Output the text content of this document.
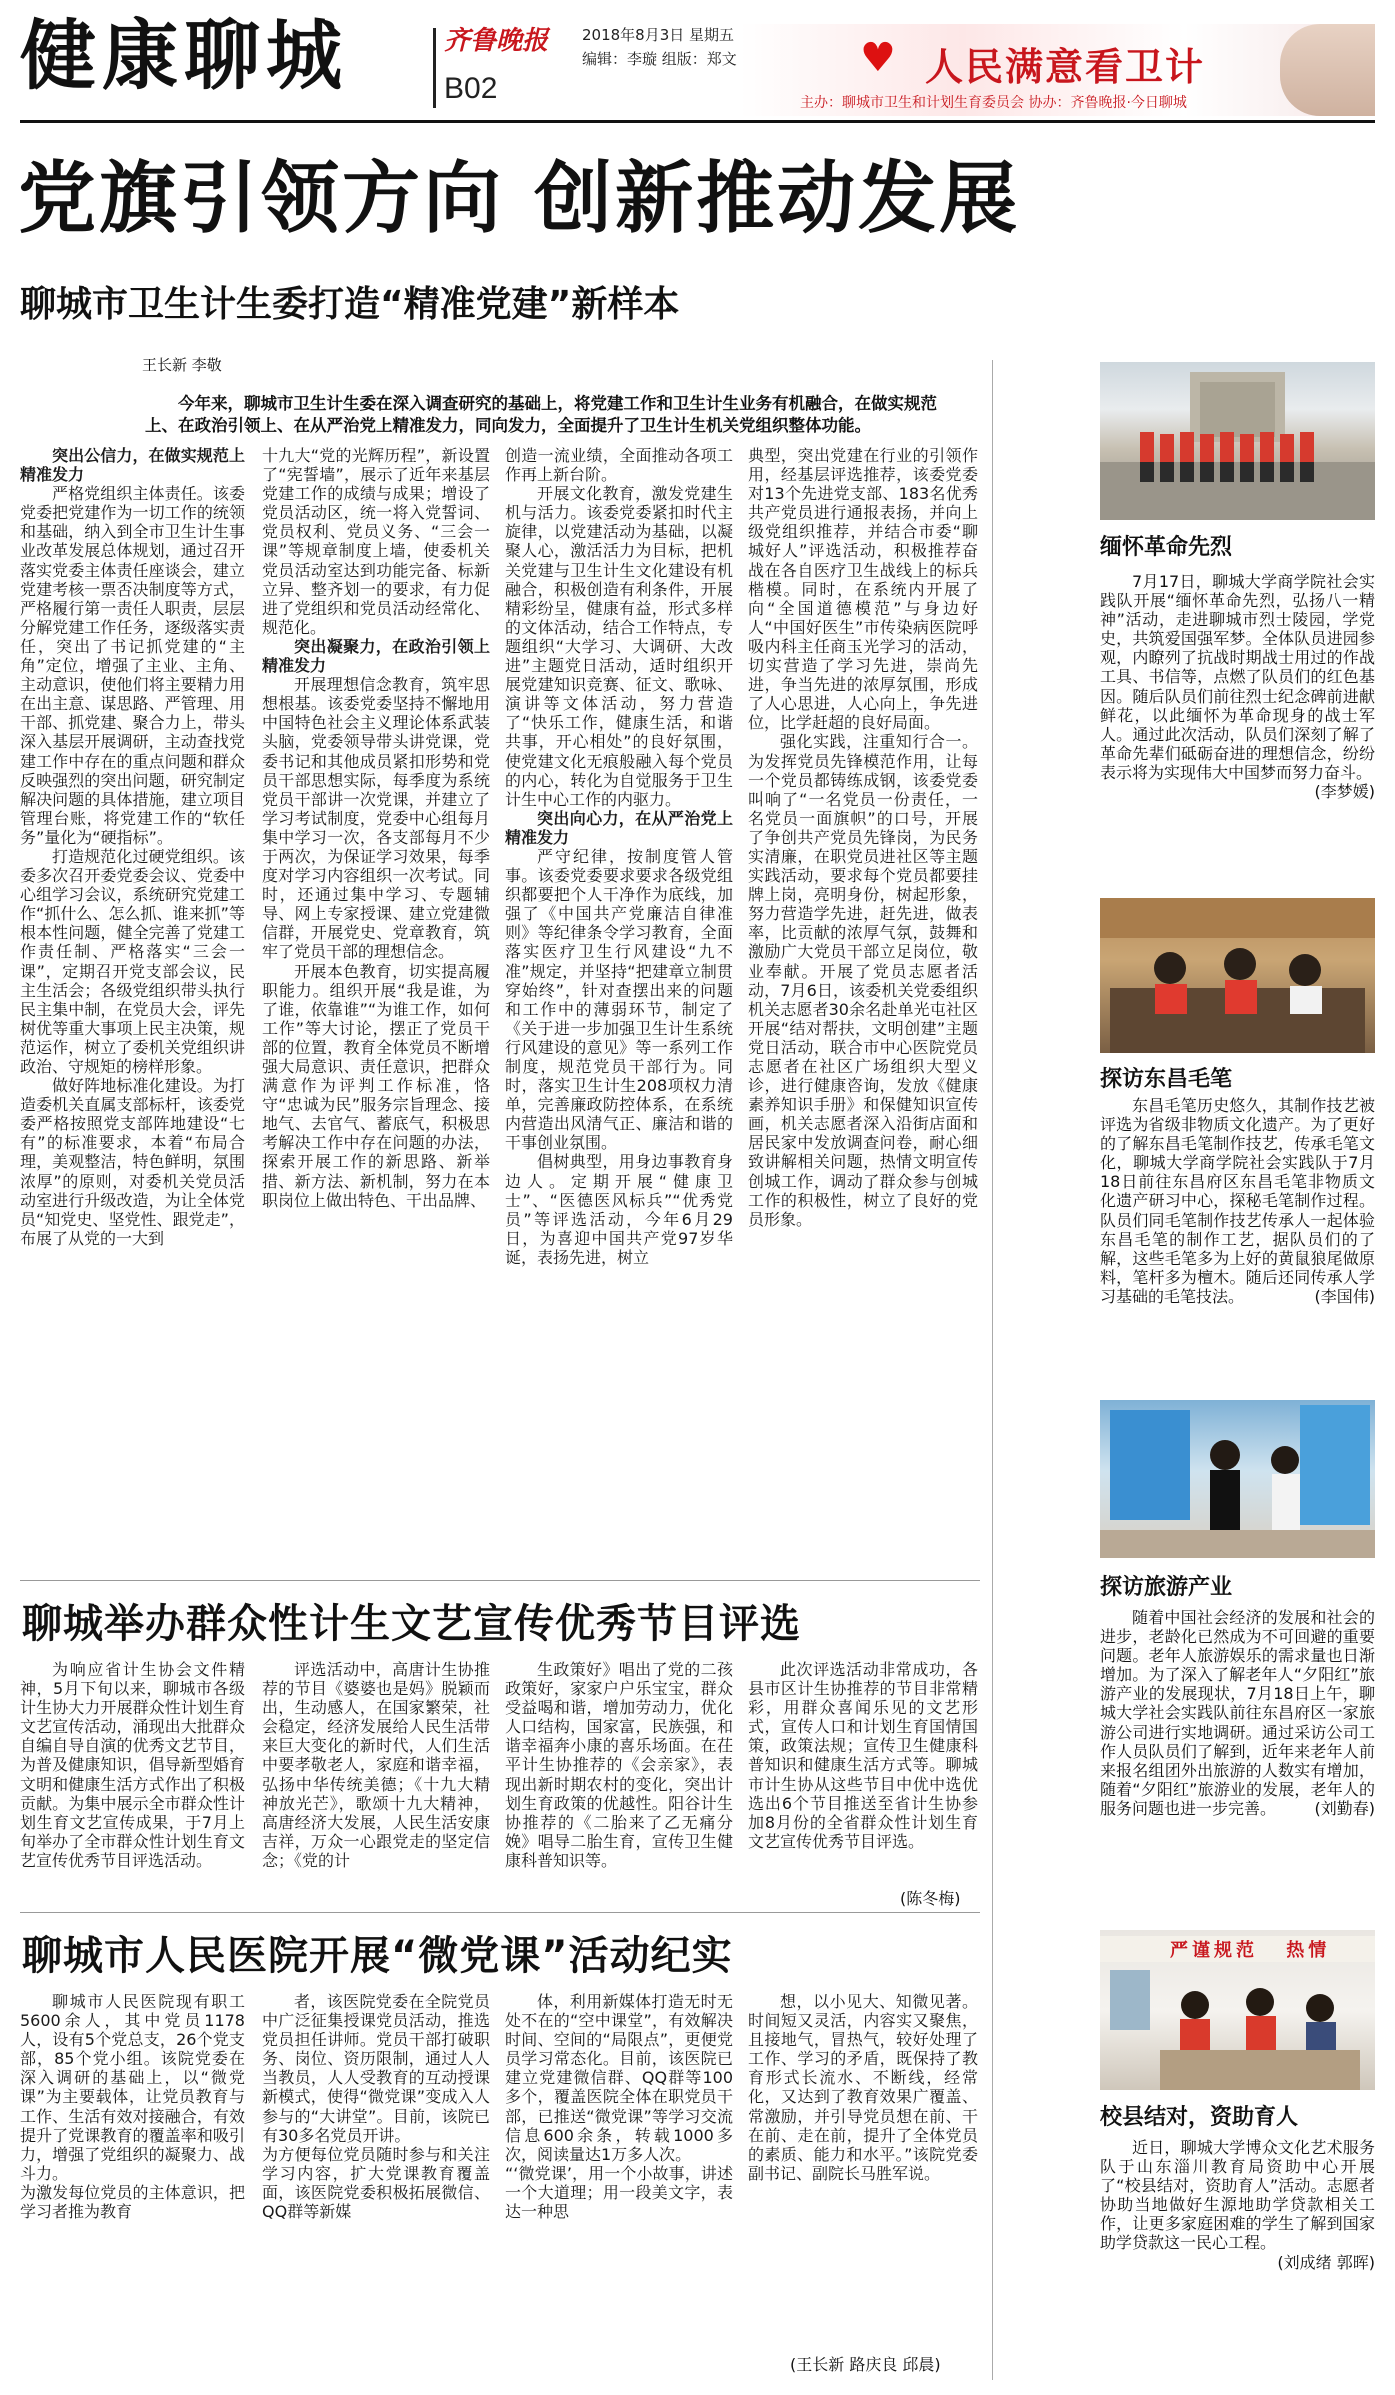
健康聊城	齐鲁晚报
B02
2018年8月3日 星期五
编辑：李璇 组版：郑文	♥ 人民满意看卫计
主办：聊城市卫生和计划生育委员会 协办：齐鲁晚报·今日聊城
党旗引领方向 创新推动发展
聊城市卫生计生委打造“精准党建”新样本
王长新 李敬
今年来，聊城市卫生计生委在深入调查研究的基础上，将党建工作和卫生计生业务有机融合，在做实规范上、在政治引领上、在从严治党上精准发力，同向发力，全面提升了卫生计生机关党组织整体功能。

突出公信力，在做实规范上精准发力

严格党组织主体责任。该委党委把党建作为一切工作的统领和基础，纳入到全市卫生计生事业改革发展总体规划，通过召开落实党委主体责任座谈会，建立党建考核一票否决制度等方式，严格履行第一责任人职责，层层分解党建工作任务，逐级落实责任，突出了书记抓党建的“主角”定位，增强了主业、主角、主动意识，使他们将主要精力用在出主意、谋思路、严管理、用干部、抓党建、聚合力上，带头深入基层开展调研，主动查找党建工作中存在的重点问题和群众反映强烈的突出问题，研究制定解决问题的具体措施，建立项目管理台账，将党建工作的“软任务”量化为“硬指标”。

打造规范化过硬党组织。该委多次召开委党委会议、党委中心组学习会议，系统研究党建工作“抓什么、怎么抓、谁来抓”等根本性问题，健全完善了党建工作责任制、严格落实“三会一课”，定期召开党支部会议，民主生活会；各级党组织带头执行民主集中制，在党员大会，评先树优等重大事项上民主决策，规范运作，树立了委机关党组织讲政治、守规矩的榜样形象。

做好阵地标准化建设。为打造委机关直属支部标杆，该委党委严格按照党支部阵地建设“七有”的标准要求，本着“布局合理，美观整洁，特色鲜明，氛围浓厚”的原则，对委机关党员活动室进行升级改造，为让全体党员“知党史、坚党性、跟党走”，布展了从党的一大到

十九大“党的光辉历程”，新设置了“宪誓墙”，展示了近年来基层党建工作的成绩与成果；增设了党员活动区，统一将入党誓词、党员权利、党员义务、“三会一课”等规章制度上墙，使委机关党员活动室达到功能完备、标新立异、整齐划一的要求，有力促进了党组织和党员活动经常化、规范化。

突出凝聚力，在政治引领上精准发力

开展理想信念教育，筑牢思想根基。该委党委坚持不懈地用中国特色社会主义理论体系武装头脑，党委领导带头讲党课，党委书记和其他成员紧扣形势和党员干部思想实际，每季度为系统党员干部讲一次党课，并建立了学习考试制度，党委中心组每月集中学习一次，各支部每月不少于两次，为保证学习效果，每季度对学习内容组织一次考试。同时，还通过集中学习、专题辅导、网上专家授课、建立党建微信群，开展党史、党章教育，筑牢了党员干部的理想信念。

开展本色教育，切实提高履职能力。组织开展“我是谁，为了谁，依靠谁”“为谁工作，如何工作”等大讨论，摆正了党员干部的位置，教育全体党员不断增强大局意识、责任意识，把群众满意作为评判工作标准，恪守“忠诚为民”服务宗旨理念、接地气、去官气、蓄底气，积极思考解决工作中存在问题的办法，探索开展工作的新思路、新举措、新方法、新机制，努力在本职岗位上做出特色、干出品牌、

创造一流业绩，全面推动各项工作再上新台阶。

开展文化教育，激发党建生机与活力。该委党委紧扣时代主旋律，以党建活动为基础，以凝聚人心，激活活力为目标，把机关党建与卫生计生文化建设有机融合，积极创造有利条件，开展精彩纷呈，健康有益，形式多样的文体活动，结合工作特点，专题组织“大学习、大调研、大改进”主题党日活动，适时组织开展党建知识竞赛、征文、歌咏、演讲等文体活动，努力营造了“快乐工作，健康生活，和谐共事，开心相处”的良好氛围，使党建文化无痕般融入每个党员的内心，转化为自觉服务于卫生计生中心工作的内驱力。

突出向心力，在从严治党上精准发力

严守纪律，按制度管人管事。该委党委要求要求各级党组织都要把个人干净作为底线，加强了《中国共产党廉洁自律准则》等纪律条令学习教育，全面落实医疗卫生行风建设“九不准”规定，并坚持“把建章立制贯穿始终”，针对查摆出来的问题和工作中的薄弱环节，制定了《关于进一步加强卫生计生系统行风建设的意见》等一系列工作制度，规范党员干部行为。同时，落实卫生计生208项权力清单，完善廉政防控体系，在系统内营造出风清气正、廉洁和谐的干事创业氛围。

倡树典型，用身边事教育身边人。定期开展“健康卫士”、“医德医风标兵”“优秀党员”等评选活动，今年6月29日，为喜迎中国共产党97岁华诞，表扬先进，树立

典型，突出党建在行业的引领作用，经基层评选推荐，该委党委对13个先进党支部、183名优秀共产党员进行通报表扬，并向上级党组织推荐，并结合市委“聊城好人”评选活动，积极推荐奋战在各自医疗卫生战线上的标兵楷模。同时，在系统内开展了向“全国道德模范”与身边好人“中国好医生”市传染病医院呼吸内科主任商玉光学习的活动，切实营造了学习先进，崇尚先进，争当先进的浓厚氛围，形成了人心思进，人心向上，争先进位，比学赶超的良好局面。

强化实践，注重知行合一。为发挥党员先锋模范作用，让每一个党员都铸练成钢，该委党委叫响了“一名党员一份责任，一名党员一面旗帜”的口号，开展了争创共产党员先锋岗，为民务实清廉，在职党员进社区等主题实践活动，要求每个党员都要挂牌上岗，亮明身份，树起形象，努力营造学先进，赶先进，做表率，比贡献的浓厚气氛，鼓舞和激励广大党员干部立足岗位，敬业奉献。开展了党员志愿者活动，7月6日，该委机关党委组织机关志愿者30余名赴单光屯社区开展“结对帮扶，文明创建”主题党日活动，联合市中心医院党员志愿者在社区广场组织大型义诊，进行健康咨询，发放《健康素养知识手册》和保健知识宣传画，机关志愿者深入沿街店面和居民家中发放调查问卷，耐心细致讲解相关问题，热情文明宣传创城工作，调动了群众参与创城工作的积极性，树立了良好的党员形象。

聊城举办群众性计生文艺宣传优秀节目评选
为响应省计生协会文件精神，5月下旬以来，聊城市各级计生协大力开展群众性计划生育文艺宣传活动，涌现出大批群众自编自导自演的优秀文艺节目，为普及健康知识，倡导新型婚育文明和健康生活方式作出了积极贡献。为集中展示全市群众性计划生育文艺宣传成果，于7月上旬举办了全市群众性计划生育文艺宣传优秀节目评选活动。
评选活动中，高唐计生协推荐的节目《婆婆也是妈》脱颖而出，生动感人，在国家繁荣，社会稳定，经济发展给人民生活带来巨大变化的新时代，人们生活中要孝敬老人，家庭和谐幸福，弘扬中华传统美德；《十九大精神放光芒》，歌颂十九大精神，高唐经济大发展，人民生活安康吉祥，万众一心跟党走的坚定信念；《党的计
生政策好》唱出了党的二孩政策好，家家户户乐宝宝，群众受益喝和谐，增加劳动力，优化人口结构，国家富，民族强，和谐幸福奔小康的喜乐场面。在茌平计生协推荐的《会亲家》，表现出新时期农村的变化，突出计划生育政策的优越性。阳谷计生协推荐的《二胎来了乙无痛分娩》唱导二胎生育，宣传卫生健康科普知识等。
此次评选活动非常成功，各县市区计生协推荐的节目非常精彩，用群众喜闻乐见的文艺形式，宣传人口和计划生育国情国策，政策法规；宣传卫生健康科普知识和健康生活方式等。聊城市计生协从这些节目中优中选优选出6个节目推送至省计生协参加8月份的全省群众性计划生育文艺宣传优秀节目评选。
(陈冬梅)
聊城市人民医院开展“微党课”活动纪实
聊城市人民医院现有职工5600余人，其中党员1178人，设有5个党总支，26个党支部，85个党小组。该院党委在深入调研的基础上，以“微党课”为主要载体，让党员教育与工作、生活有效对接融合，有效提升了党课教育的覆盖率和吸引力，增强了党组织的凝聚力、战斗力。
为激发每位党员的主体意识，把学习者推为教育
者，该医院党委在全院党员中广泛征集授课党员活动，推选党员担任讲师。党员干部打破职务、岗位、资历限制，通过人人当教员，人人受教育的互动授课新模式，使得“微党课”变成入人参与的“大讲堂”。目前，该院已有30多名党员开讲。
为方便每位党员随时参与和关注学习内容，扩大党课教育覆盖面，该医院党委积极拓展微信、QQ群等新媒
体，利用新媒体打造无时无处不在的“空中课堂”，有效解决时间、空间的“局限点”，更便党员学习常态化。目前，该医院已建立党建微信群、QQ群等100多个，覆盖医院全体在职党员干部，已推送“微党课”等学习交流信息600余条，转载1000多次，阅读量达1万多人次。
“‘微党课’，用一个小故事，讲述一个大道理；用一段美文字，表达一种思
想，以小见大、知微见著。时间短又灵活，内容实又聚焦，且接地气，冒热气，较好处理了工作、学习的矛盾，既保持了教育形式长流水、不断线，经常化，又达到了教育效果广覆盖、常激励，并引导党员想在前、干在前、走在前，提升了全体党员的素质、能力和水平。”该院党委副书记、副院长马胜军说。
(王长新 路庆良 邱晨)
缅怀革命先烈
7月17日，聊城大学商学院社会实践队开展“缅怀革命先烈，弘扬八一精神”活动，走进聊城市烈士陵园，学党史，共筑爱国强军梦。全体队员进园参观，内瞭列了抗战时期战士用过的作战工具、书信等，点燃了队员们的红色基因。随后队员们前往烈士纪念碑前进献鲜花，以此缅怀为革命现身的战士军人。通过此次活动，队员们深刻了解了革命先辈们砥砺奋进的理想信念，纷纷表示将为实现伟大中国梦而努力奋斗。
(李梦媛)
探访东昌毛笔
东昌毛笔历史悠久，其制作技艺被评选为省级非物质文化遗产。为了更好的了解东昌毛笔制作技艺，传承毛笔文化，聊城大学商学院社会实践队于7月18日前往东昌府区东昌毛笔非物质文化遗产研习中心，探秘毛笔制作过程。队员们同毛笔制作技艺传承人一起体验东昌毛笔的制作工艺，据队员们的了解，这些毛笔多为上好的黄鼠狼尾做原料，笔杆多为檀木。随后还同传承人学习基础的毛笔技法。	(李国伟)
探访旅游产业
随着中国社会经济的发展和社会的进步，老龄化已然成为不可回避的重要问题。老年人旅游娱乐的需求量也日渐增加。为了深入了解老年人“夕阳红”旅游产业的发展现状，7月18日上午，聊城大学社会实践队前往东昌府区一家旅游公司进行实地调研。通过采访公司工作人员队员们了解到，近年来老年人前来报名组团外出旅游的人数实有增加，随着“夕阳红”旅游业的发展，老年人的服务问题也进一步完善。	(刘勤春)
严谨规范 热情
校县结对，资助育人
近日，聊城大学博众文化艺术服务队于山东淄川教育局资助中心开展了“校县结对，资助育人”活动。志愿者协助当地做好生源地助学贷款相关工作，让更多家庭困难的学生了解到国家助学贷款这一民心工程。
(刘成绪 郭晖)
